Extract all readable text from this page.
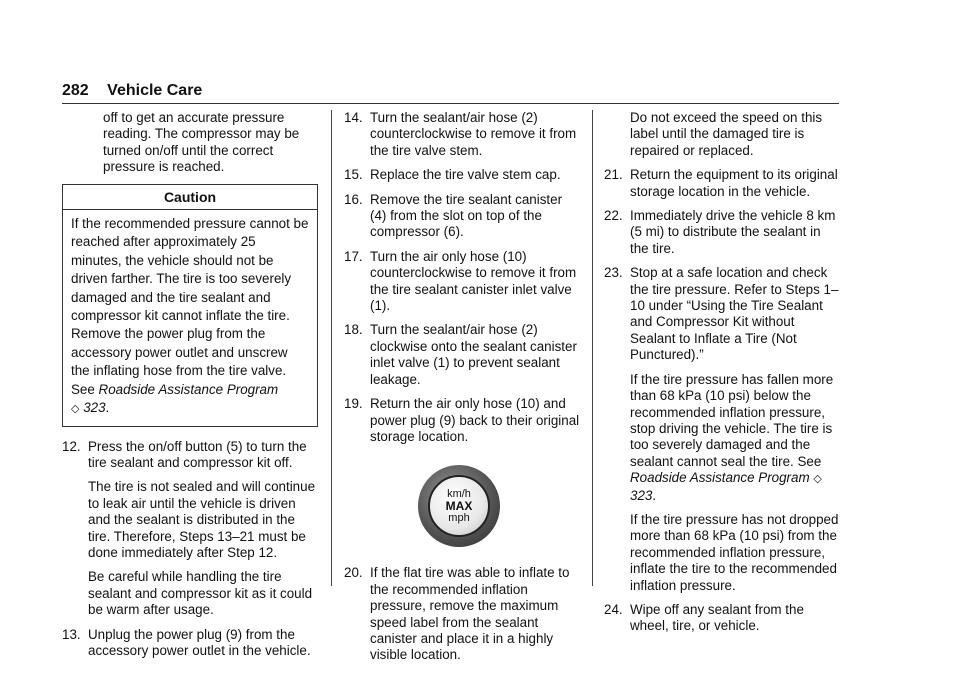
282 Vehicle Care

off to get an accurate pressure reading. The compressor may be turned on/off until the correct pressure is reached.

Caution
If the recommended pressure cannot be reached after approximately 25 minutes, the vehicle should not be driven farther. The tire is too severely damaged and the tire sealant and compressor kit cannot inflate the tire. Remove the power plug from the accessory power outlet and unscrew the inflating hose from the tire valve. See Roadside Assistance Program
◇ 323.
12. Press the on/off button (5) to turn the tire sealant and compressor kit off.

The tire is not sealed and will continue to leak air until the vehicle is driven and the sealant is distributed in the tire. Therefore, Steps 13–21 must be done immediately after Step 12.

Be careful while handling the tire sealant and compressor kit as it could be warm after usage.

13. Unplug the power plug (9) from the accessory power outlet in the vehicle.
14. Turn the sealant/air hose (2) counterclockwise to remove it from the tire valve stem.
15. Replace the tire valve stem cap.
16. Remove the tire sealant canister (4) from the slot on top of the compressor (6).
17. Turn the air only hose (10) counterclockwise to remove it from the tire sealant canister inlet valve (1).
18. Turn the sealant/air hose (2) clockwise onto the sealant canister inlet valve (1) to prevent sealant leakage.
19. Return the air only hose (10) and power plug (9) back to their original storage location.
km/h
MAX
mph
20. If the flat tire was able to inflate to the recommended inflation pressure, remove the maximum speed label from the sealant canister and place it in a highly visible location.

Do not exceed the speed on this label until the damaged tire is repaired or replaced.

21. Return the equipment to its original storage location in the vehicle.
22. Immediately drive the vehicle 8 km (5 mi) to distribute the sealant in the tire.
23. Stop at a safe location and check the tire pressure. Refer to Steps 1–10 under “Using the Tire Sealant and Compressor Kit without Sealant to Inflate a Tire (Not Punctured).”

If the tire pressure has fallen more than 68 kPa (10 psi) below the recommended inflation pressure, stop driving the vehicle. The tire is too severely damaged and the sealant cannot seal the tire. See Roadside Assistance Program ◇ 323.

If the tire pressure has not dropped more than 68 kPa (10 psi) from the recommended inflation pressure, inflate the tire to the recommended inflation pressure.

24. Wipe off any sealant from the wheel, tire, or vehicle.
